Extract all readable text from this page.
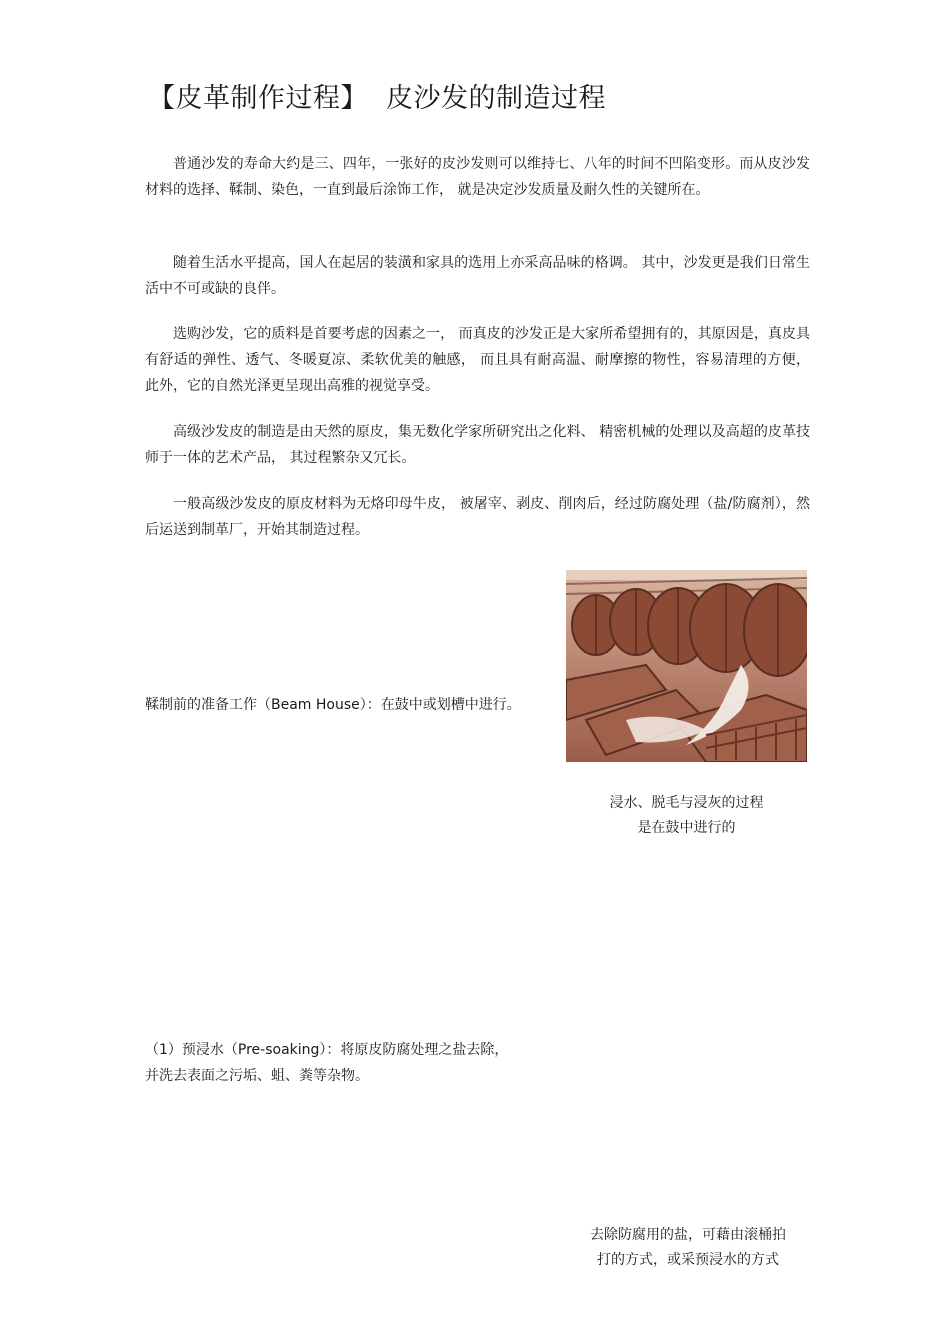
【皮革制作过程】 皮沙发的制造过程

普通沙发的寿命大约是三、四年，一张好的皮沙发则可以维持七、八年的时间不凹陷变形。而从皮沙发材料的选择、鞣制、染色，一直到最后涂饰工作， 就是决定沙发质量及耐久性的关键所在。

随着生活水平提高，国人在起居的装潢和家具的选用上亦采高品味的格调。 其中，沙发更是我们日常生活中不可或缺的良伴。

选购沙发，它的质料是首要考虑的因素之一， 而真皮的沙发正是大家所希望拥有的，其原因是，真皮具有舒适的弹性、透气、冬暖夏凉、柔软优美的触感， 而且具有耐高温、耐摩擦的物性，容易清理的方便， 此外，它的自然光泽更呈现出高雅的视觉享受。

高级沙发皮的制造是由天然的原皮，集无数化学家所研究出之化料、 精密机械的处理以及高超的皮革技师于一体的艺术产品， 其过程繁杂又冗长。

一般高级沙发皮的原皮材料为无烙印母牛皮， 被屠宰、剥皮、削肉后，经过防腐处理（盐/防腐剂），然后运送到制革厂，开始其制造过程。

鞣制前的准备工作（Beam House）：在鼓中或划槽中进行。

浸水、脱毛与浸灰的过程
是在鼓中进行的
（1）预浸水（Pre-soaking）：将原皮防腐处理之盐去除，
并洗去表面之污垢、蛆、粪等杂物。
去除防腐用的盐，可藉由滚桶拍
打的方式，或采预浸水的方式
